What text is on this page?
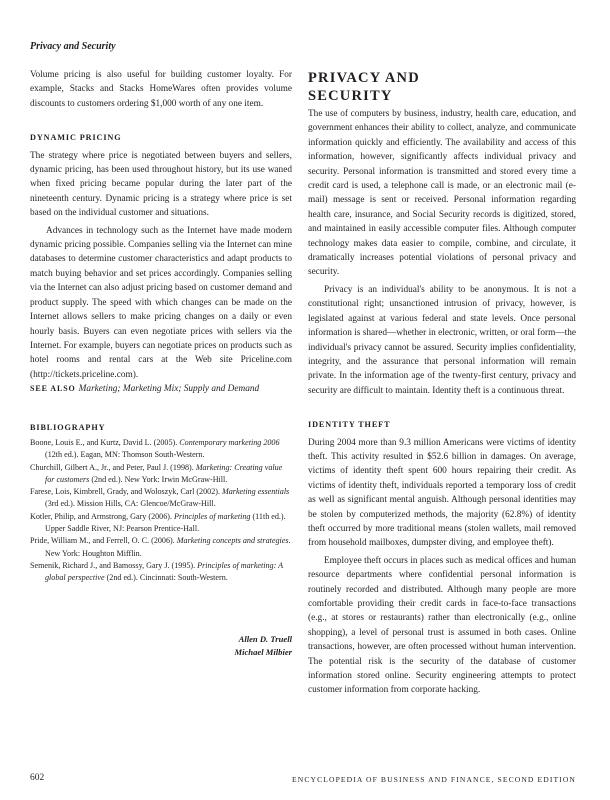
Privacy and Security

Volume pricing is also useful for building customer loyalty. For example, Stacks and Stacks HomeWares often provides volume discounts to customers ordering $1,000 worth of any one item.

DYNAMIC PRICING

The strategy where price is negotiated between buyers and sellers, dynamic pricing, has been used throughout history, but its use waned when fixed pricing became popular during the later part of the nineteenth century. Dynamic pricing is a strategy where price is set based on the individual customer and situations.

Advances in technology such as the Internet have made modern dynamic pricing possible. Companies selling via the Internet can mine databases to determine customer characteristics and adapt products to match buying behavior and set prices accordingly. Companies selling via the Internet can also adjust pricing based on customer demand and product supply. The speed with which changes can be made on the Internet allows sellers to make pricing changes on a daily or even hourly basis. Buyers can even negotiate prices with sellers via the Internet. For example, buyers can negotiate prices on products such as hotel rooms and rental cars at the Web site Priceline.com (http://tickets.priceline.com).

SEE ALSO Marketing; Marketing Mix; Supply and Demand

BIBLIOGRAPHY

Boone, Louis E., and Kurtz, David L. (2005). Contemporary marketing 2006 (12th ed.). Eagan, MN: Thomson South-Western.

Churchill, Gilbert A., Jr., and Peter, Paul J. (1998). Marketing: Creating value for customers (2nd ed.). New York: Irwin McGraw-Hill.

Farese, Lois, Kimbrell, Grady, and Woloszyk, Carl (2002). Marketing essentials (3rd ed.). Mission Hills, CA: Glencoe/McGraw-Hill.

Kotler, Philip, and Armstrong, Gary (2006). Principles of marketing (11th ed.). Upper Saddle River, NJ: Pearson Prentice-Hall.

Pride, William M., and Ferrell, O. C. (2006). Marketing concepts and strategies. New York: Houghton Mifflin.

Semenik, Richard J., and Bamossy, Gary J. (1995). Principles of marketing: A global perspective (2nd ed.). Cincinnati: South-Western.

Allen D. Truell
Michael Milbier
PRIVACY AND SECURITY

The use of computers by business, industry, health care, education, and government enhances their ability to collect, analyze, and communicate information quickly and efficiently. The availability and access of this information, however, significantly affects individual privacy and security. Personal information is transmitted and stored every time a credit card is used, a telephone call is made, or an electronic mail (e-mail) message is sent or received. Personal information regarding health care, insurance, and Social Security records is digitized, stored, and maintained in easily accessible computer files. Although computer technology makes data easier to compile, combine, and circulate, it dramatically increases potential violations of personal privacy and security.

Privacy is an individual's ability to be anonymous. It is not a constitutional right; unsanctioned intrusion of privacy, however, is legislated against at various federal and state levels. Once personal information is shared—whether in electronic, written, or oral form—the individual's privacy cannot be assured. Security implies confidentiality, integrity, and the assurance that personal information will remain private. In the information age of the twenty-first century, privacy and security are difficult to maintain. Identity theft is a continuous threat.

IDENTITY THEFT

During 2004 more than 9.3 million Americans were victims of identity theft. This activity resulted in $52.6 billion in damages. On average, victims of identity theft spent 600 hours repairing their credit. As victims of identity theft, individuals reported a temporary loss of credit as well as significant mental anguish. Although personal identities may be stolen by computerized methods, the majority (62.8%) of identity theft occurred by more traditional means (stolen wallets, mail removed from household mailboxes, dumpster diving, and employee theft).

Employee theft occurs in places such as medical offices and human resource departments where confidential personal information is routinely recorded and distributed. Although many people are more comfortable providing their credit cards in face-to-face transactions (e.g., at stores or restaurants) rather than electronically (e.g., online shopping), a level of personal trust is assumed in both cases. Online transactions, however, are often processed without human intervention. The potential risk is the security of the database of customer information stored online. Security engineering attempts to protect customer information from corporate hacking.

602	ENCYCLOPEDIA OF BUSINESS AND FINANCE, SECOND EDITION
